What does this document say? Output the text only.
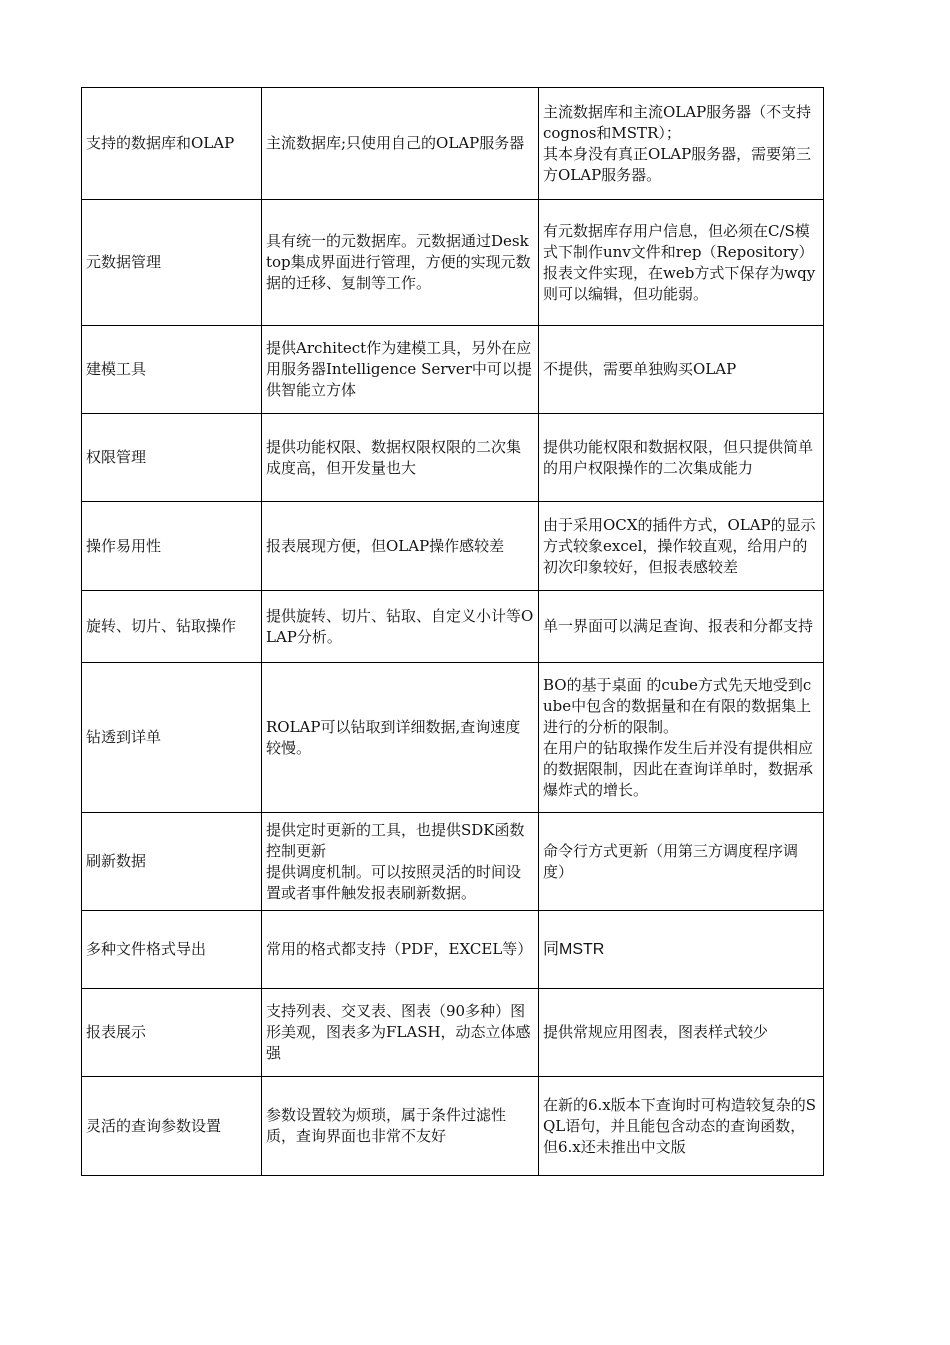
支持的数据库和OLAP	主流数据库;只使用自己的OLAP服务器	主流数据库和主流OLAP服务器（不支持cognos和MSTR）；
其本身没有真正OLAP服务器，需要第三方OLAP服务器。

元数据管理	具有统一的元数据库。元数据通过Desktop集成界面进行管理，方便的实现元数据的迁移、复制等工作。	有元数据库存用户信息，但必须在C/S模式下制作unv文件和rep（Repository）报表文件实现，在web方式下保存为wqy则可以编辑，但功能弱。

建模工具	提供Architect作为建模工具，另外在应用服务器Intelligence Server中可以提供智能立方体	不提供，需要单独购买OLAP

权限管理	提供功能权限、数据权限权限的二次集成度高，但开发量也大	提供功能权限和数据权限，但只提供简单的用户权限操作的二次集成能力

操作易用性	报表展现方便，但OLAP操作感较差	由于采用OCX的插件方式，OLAP的显示方式较象excel，操作较直观，给用户的初次印象较好，但报表感较差

旋转、切片、钻取操作	提供旋转、切片、钻取、自定义小计等OLAP分析。	单一界面可以满足查询、报表和分都支持

钻透到详单	ROLAP可以钻取到详细数据,查询速度较慢。	BO的基于桌面 的cube方式先天地受到cube中包含的数据量和在有限的数据集上进行的分析的限制。
在用户的钻取操作发生后并没有提供相应的数据限制，因此在查询详单时，数据承爆炸式的增长。

刷新数据	提供定时更新的工具，也提供SDK函数控制更新
提供调度机制。可以按照灵活的时间设置或者事件触发报表刷新数据。	命令行方式更新（用第三方调度程序调度）

多种文件格式导出	常用的格式都支持（PDF，EXCEL等）	同MSTR

报表展示	支持列表、交叉表、图表（90多种）图形美观，图表多为FLASH，动态立体感强	提供常规应用图表，图表样式较少

灵活的查询参数设置	参数设置较为烦琐，属于条件过滤性质，查询界面也非常不友好	在新的6.x版本下查询时可构造较复杂的SQL语句，并且能包含动态的查询函数，但6.x还未推出中文版
